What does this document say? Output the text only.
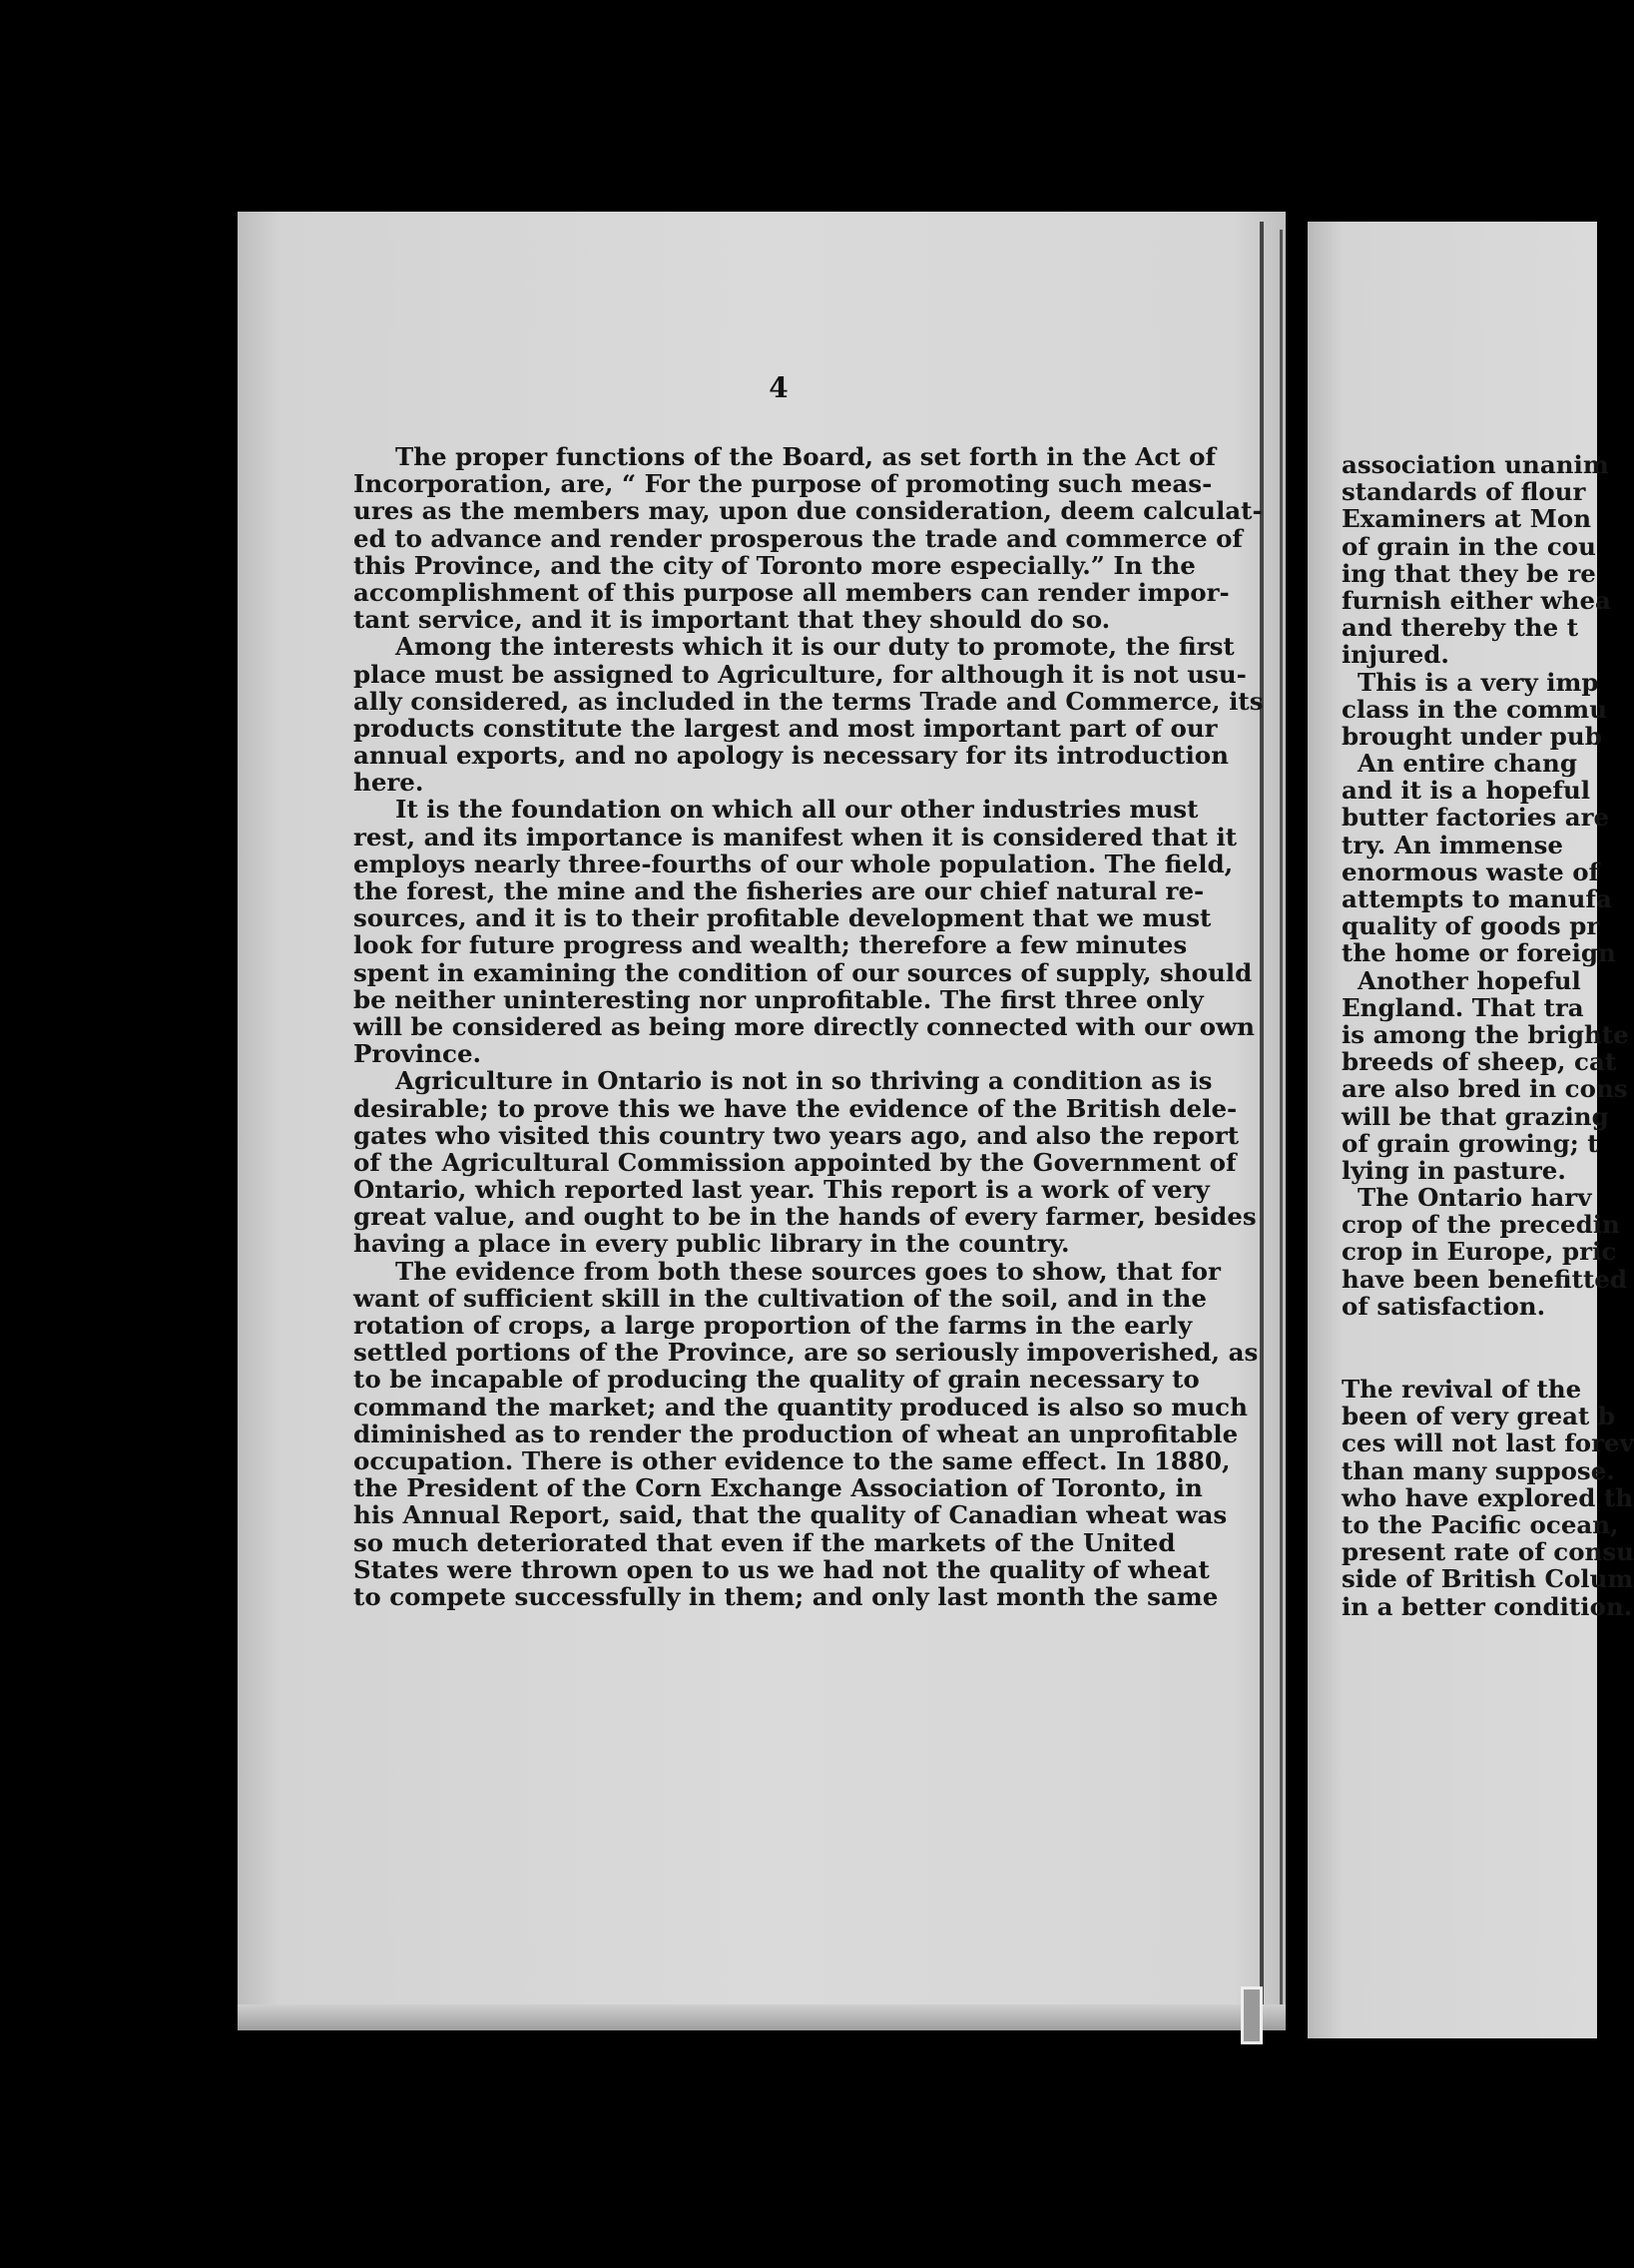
4
The proper functions of the Board, as set forth in the Act of
Incorporation, are, “ For the purpose of promoting such meas-
ures as the members may, upon due consideration, deem calculat-
ed to advance and render prosperous the trade and commerce of
this Province, and the city of Toronto more especially.” In the
accomplishment of this purpose all members can render impor-
tant service, and it is important that they should do so.
Among the interests which it is our duty to promote, the first
place must be assigned to Agriculture, for although it is not usu-
ally considered, as included in the terms Trade and Commerce, its
products constitute the largest and most important part of our
annual exports, and no apology is necessary for its introduction
here.
It is the foundation on which all our other industries must
rest, and its importance is manifest when it is considered that it
employs nearly three-fourths of our whole population. The field,
the forest, the mine and the fisheries are our chief natural re-
sources, and it is to their profitable development that we must
look for future progress and wealth; therefore a few minutes
spent in examining the condition of our sources of supply, should
be neither uninteresting nor unprofitable. The first three only
will be considered as being more directly connected with our own
Province.
Agriculture in Ontario is not in so thriving a condition as is
desirable; to prove this we have the evidence of the British dele-
gates who visited this country two years ago, and also the report
of the Agricultural Commission appointed by the Government of
Ontario, which reported last year. This report is a work of very
great value, and ought to be in the hands of every farmer, besides
having a place in every public library in the country.
The evidence from both these sources goes to show, that for
want of sufficient skill in the cultivation of the soil, and in the
rotation of crops, a large proportion of the farms in the early
settled portions of the Province, are so seriously impoverished, as
to be incapable of producing the quality of grain necessary to
command the market; and the quantity produced is also so much
diminished as to render the production of wheat an unprofitable
occupation. There is other evidence to the same effect. In 1880,
the President of the Corn Exchange Association of Toronto, in
his Annual Report, said, that the quality of Canadian wheat was
so much deteriorated that even if the markets of the United
States were thrown open to us we had not the quality of wheat
to compete successfully in them; and only last month the same
association unanim
standards of flour
Examiners at Mon
of grain in the cou
ing that they be re
furnish either whea
and thereby the t
injured.
This is a very imp
class in the commu
brought under pub
An entire chang
and it is a hopeful
butter factories are
try. An immense
enormous waste of
attempts to manufa
quality of goods pr
the home or foreign
Another hopeful
England. That tra
is among the brighte
breeds of sheep, cat
are also bred in cons
will be that grazing
of grain growing; t
lying in pasture.
The Ontario harv
crop of the precedin
crop in Europe, pric
have been benefitted
of satisfaction.
The revival of the
been of very great b
ces will not last forev
than many suppose.
who have explored th
to the Pacific ocean,
present rate of consu
side of British Colum
in a better condition.
